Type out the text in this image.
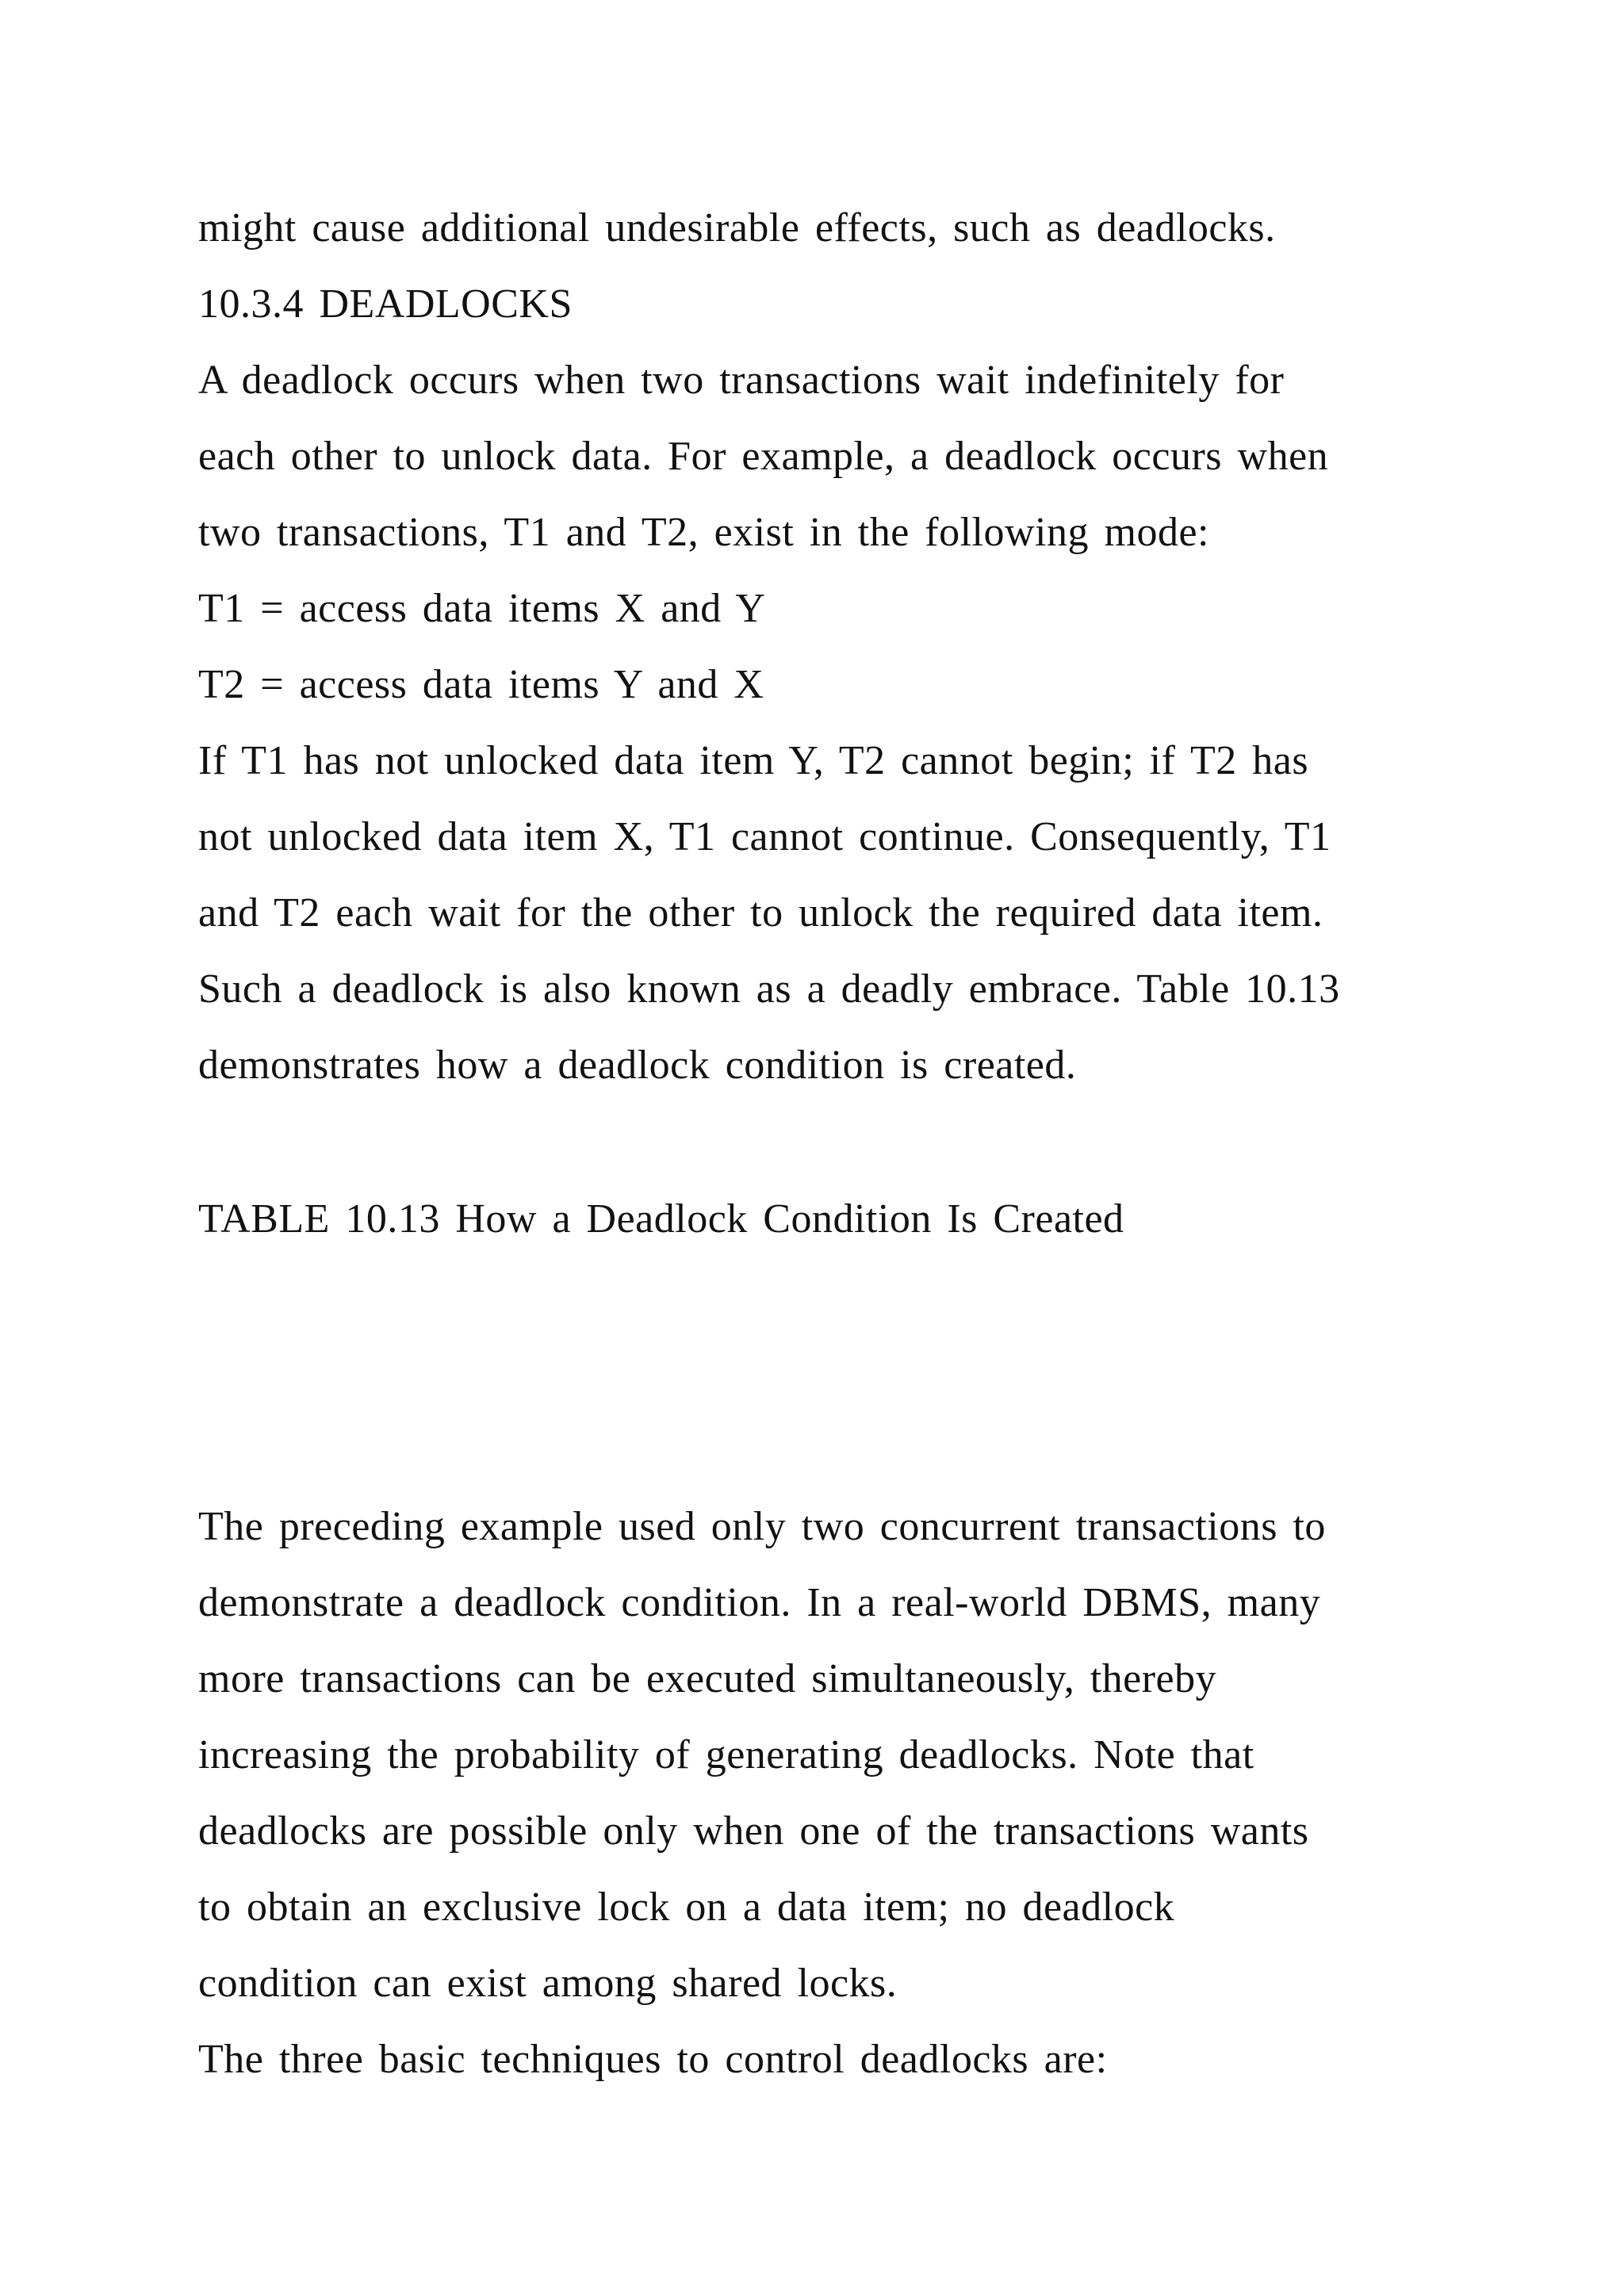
might cause additional undesirable effects, such as deadlocks.
10.3.4 DEADLOCKS
A deadlock occurs when two transactions wait indefinitely for
each other to unlock data. For example, a deadlock occurs when
two transactions, T1 and T2, exist in the following mode:
T1 = access data items X and Y
T2 = access data items Y and X
If T1 has not unlocked data item Y, T2 cannot begin; if T2 has
not unlocked data item X, T1 cannot continue. Consequently, T1
and T2 each wait for the other to unlock the required data item.
Such a deadlock is also known as a deadly embrace. Table 10.13
demonstrates how a deadlock condition is created.
TABLE 10.13 How a Deadlock Condition Is Created
The preceding example used only two concurrent transactions to
demonstrate a deadlock condition. In a real-world DBMS, many
more transactions can be executed simultaneously, thereby
increasing the probability of generating deadlocks. Note that
deadlocks are possible only when one of the transactions wants
to obtain an exclusive lock on a data item; no deadlock
condition can exist among shared locks.
The three basic techniques to control deadlocks are:
